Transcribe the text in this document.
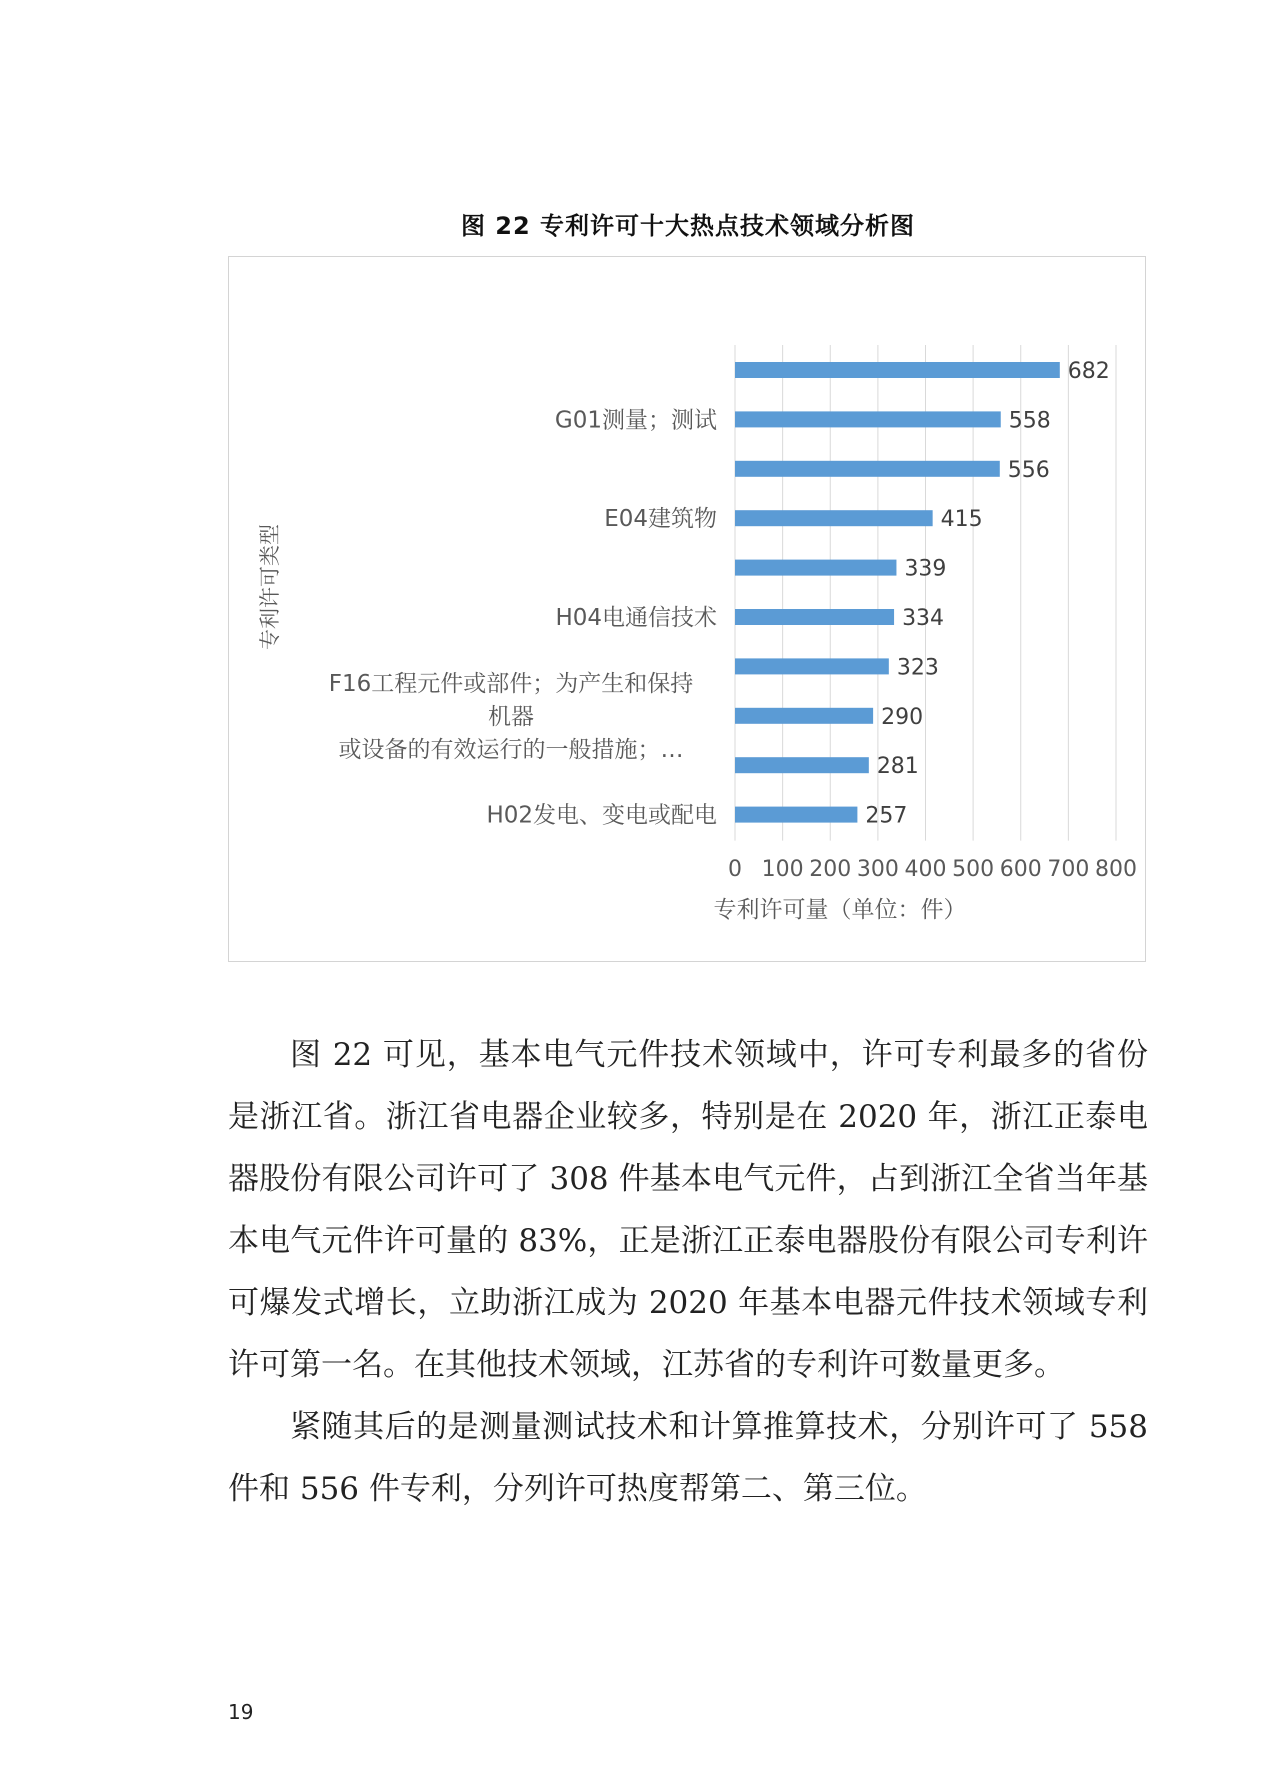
图 22 专利许可十大热点技术领域分析图
682
558
556
415
339
334
323
290
281
257
G01测量；测试
E04建筑物
H04电通信技术
F16工程元件或部件；为产生和保持
机器
或设备的有效运行的一般措施；…
H02发电、变电或配电
0 100 200 300 400 500 600 700 800
专利许可量（单位：件）
专利许可类型

图 22 可见，基本电气元件技术领域中，许可专利最多的省份是浙江省。浙江省电器企业较多，特别是在 2020 年，浙江正泰电器股份有限公司许可了 308 件基本电气元件，占到浙江全省当年基本电气元件许可量的 83%，正是浙江正泰电器股份有限公司专利许可爆发式增长，立助浙江成为 2020 年基本电器元件技术领域专利许可第一名。在其他技术领域，江苏省的专利许可数量更多。

紧随其后的是测量测试技术和计算推算技术，分别许可了 558 件和 556 件专利，分列许可热度帮第二、第三位。

19
